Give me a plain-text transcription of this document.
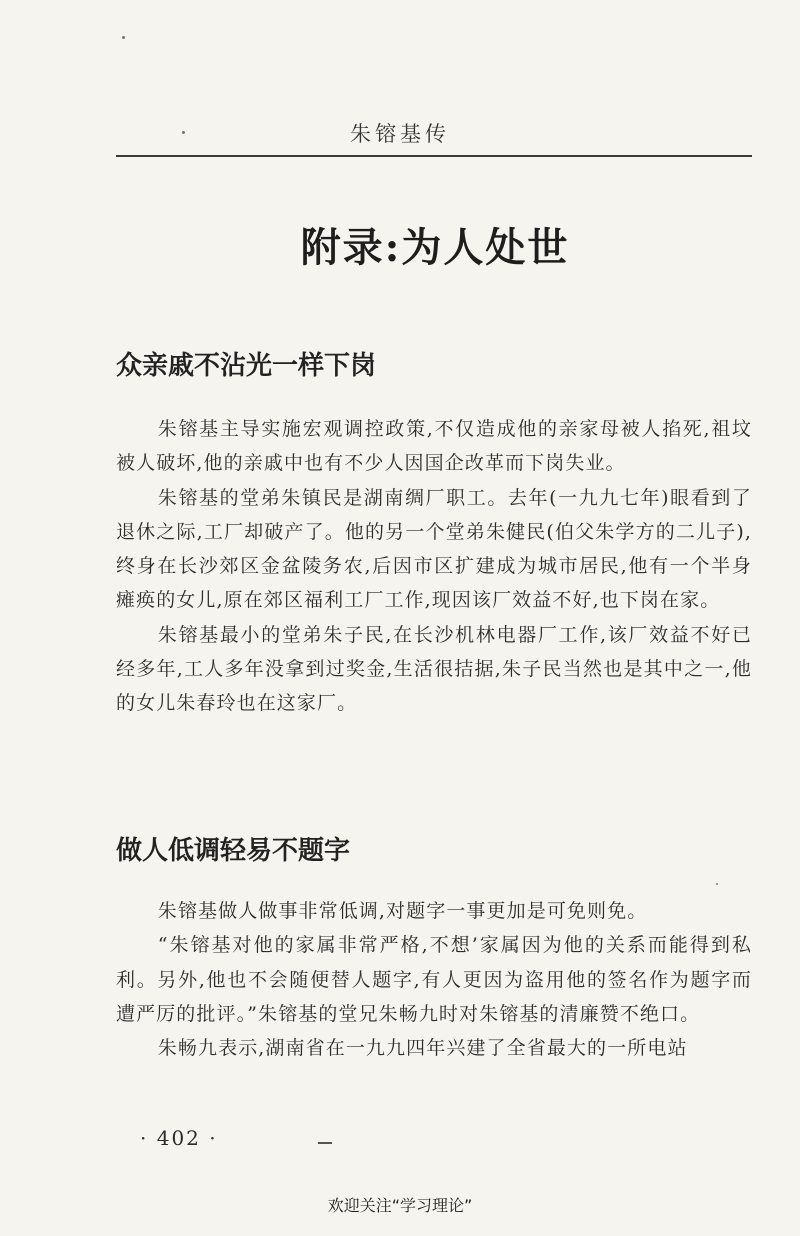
朱镕基传
附录:为人处世
众亲戚不沾光一样下岗

朱镕基主导实施宏观调控政策,不仅造成他的亲家母被人掐死,祖坟被人破坏,他的亲戚中也有不少人因国企改革而下岗失业。

朱镕基的堂弟朱镇民是湖南绸厂职工。去年(一九九七年)眼看到了退休之际,工厂却破产了。他的另一个堂弟朱健民(伯父朱学方的二儿子),终身在长沙郊区金盆陵务农,后因市区扩建成为城市居民,他有一个半身瘫痪的女儿,原在郊区福利工厂工作,现因该厂效益不好,也下岗在家。

朱镕基最小的堂弟朱子民,在长沙机林电器厂工作,该厂效益不好已经多年,工人多年没拿到过奖金,生活很拮据,朱子民当然也是其中之一,他的女儿朱春玲也在这家厂。

做人低调轻易不题字

朱镕基做人做事非常低调,对题字一事更加是可免则免。

“朱镕基对他的家属非常严格,不想’家属因为他的关系而能得到私利。另外,他也不会随便替人题字,有人更因为盗用他的签名作为题字而遭严厉的批评。”朱镕基的堂兄朱畅九时对朱镕基的清廉赞不绝口。

朱畅九表示,湖南省在一九九四年兴建了全省最大的一所电站

· 402 ·
欢迎关注“学习理论”
